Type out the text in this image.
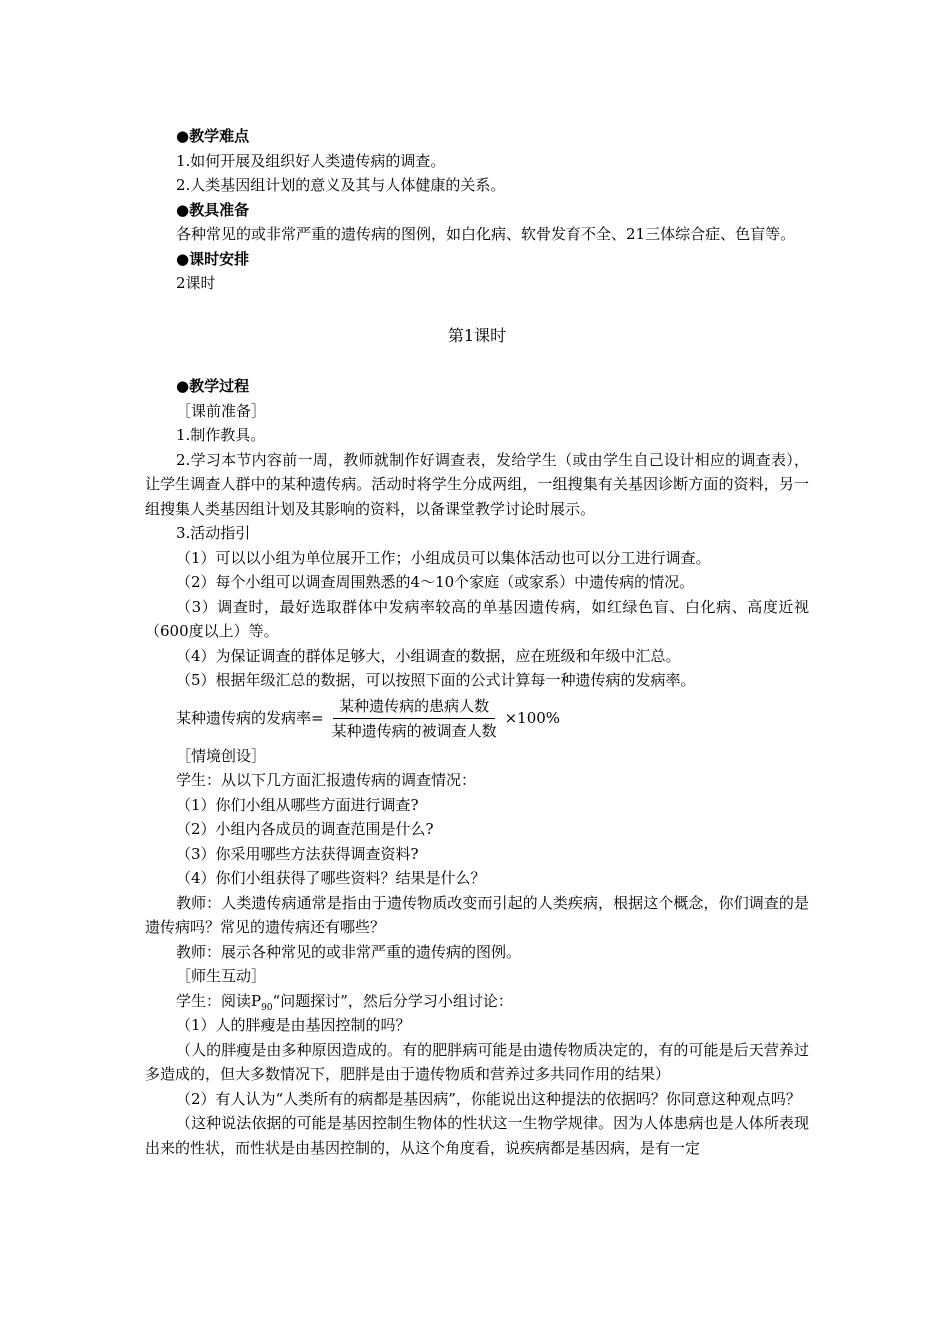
●教学难点

1.如何开展及组织好人类遗传病的调查。

2.人类基因组计划的意义及其与人体健康的关系。

●教具准备

各种常见的或非常严重的遗传病的图例，如白化病、软骨发育不全、21三体综合症、色盲等。

●课时安排

2课时

第1课时

●教学过程

［课前准备］

1.制作教具。

2.学习本节内容前一周，教师就制作好调查表，发给学生（或由学生自己设计相应的调查表），让学生调查人群中的某种遗传病。活动时将学生分成两组，一组搜集有关基因诊断方面的资料，另一组搜集人类基因组计划及其影响的资料，以备课堂教学讨论时展示。

3.活动指引

（1）可以以小组为单位展开工作；小组成员可以集体活动也可以分工进行调查。

（2）每个小组可以调查周围熟悉的4～10个家庭（或家系）中遗传病的情况。

（3）调查时，最好选取群体中发病率较高的单基因遗传病，如红绿色盲、白化病、高度近视（600度以上）等。

（4）为保证调查的群体足够大，小组调查的数据，应在班级和年级中汇总。

（5）根据年级汇总的数据，可以按照下面的公式计算每一种遗传病的发病率。

某种遗传病的发病率= $\frac{\text{某种遗传病的患病人数}}{\text{某种遗传病的被调查人数}} \times 100\%$

［情境创设］

学生：从以下几方面汇报遗传病的调查情况：

（1）你们小组从哪些方面进行调查?

（2）小组内各成员的调查范围是什么?

（3）你采用哪些方法获得调查资料?

（4）你们小组获得了哪些资料？结果是什么？

教师：人类遗传病通常是指由于遗传物质改变而引起的人类疾病，根据这个概念，你们调查的是遗传病吗？常见的遗传病还有哪些？

教师：展示各种常见的或非常严重的遗传病的图例。

［师生互动］

学生：阅读$P_{90}“$问题探讨”，然后分学习小组讨论：

（1）人的胖瘦是由基因控制的吗？

（人的胖瘦是由多种原因造成的。有的肥胖病可能是由遗传物质决定的，有的可能是后天营养过多造成的，但大多数情况下，肥胖是由于遗传物质和营养过多共同作用的结果）

（2）有人认为“人类所有的病都是基因病”，你能说出这种提法的依据吗？你同意这种观点吗？

（这种说法依据的可能是基因控制生物体的性状这一生物学规律。因为人体患病也是人体所表现出来的性状，而性状是由基因控制的，从这个角度看，说疾病都是基因病，是有一定
